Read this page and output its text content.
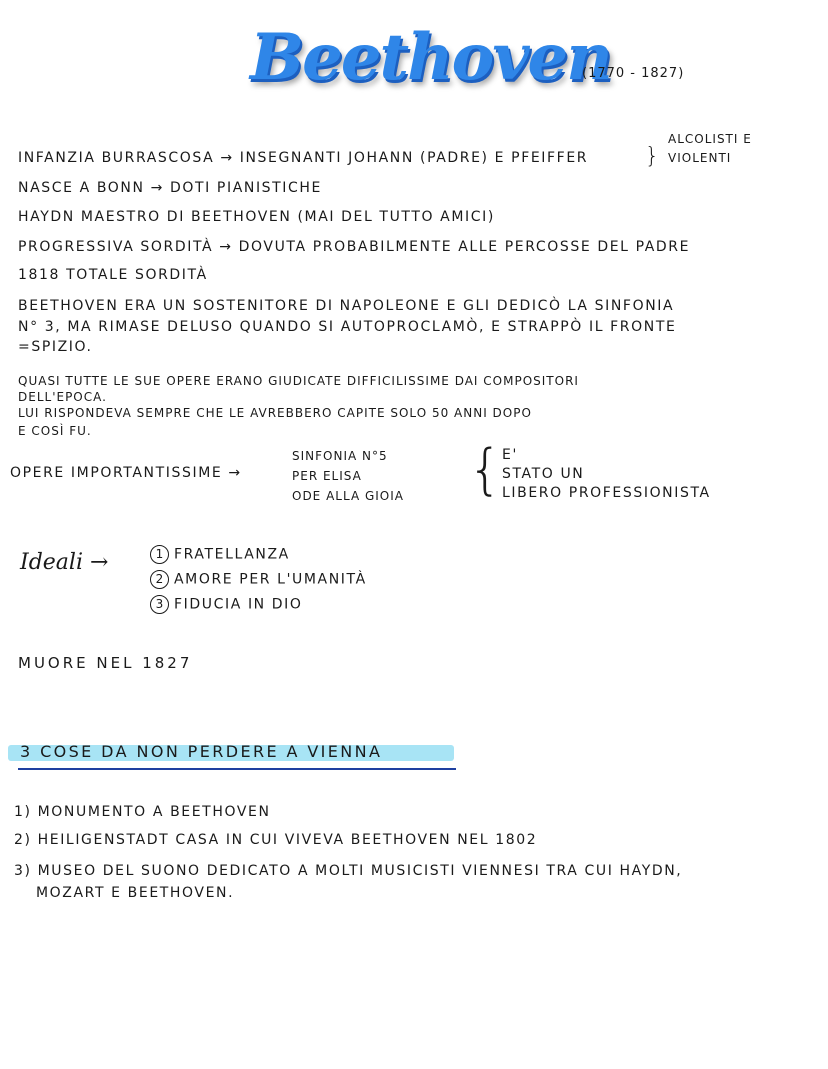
Beethoven
(1770 - 1827)
INFANZIA BURRASCOSA → INSEGNANTI JOHANN (PADRE) E PFEIFFER	}
ALCOLISTI E
VIOLENTI
NASCE A BONN → DOTI PIANISTICHE
HAYDN MAESTRO DI BEETHOVEN (MAI DEL TUTTO AMICI)
PROGRESSIVA SORDITÀ → DOVUTA PROBABILMENTE ALLE PERCOSSE DEL PADRE
1818 TOTALE SORDITÀ
BEETHOVEN ERA UN SOSTENITORE DI NAPOLEONE E GLI DEDICÒ LA SINFONIA
N° 3, MA RIMASE DELUSO QUANDO SI AUTOPROCLAMÒ, E STRAPPÒ IL FRONTE
=SPIZIO.
QUASI TUTTE LE SUE OPERE ERANO GIUDICATE DIFFICILISSIME DAI COMPOSITORI
DELL'EPOCA.
LUI RISPONDEVA SEMPRE CHE LE AVREBBERO CAPITE SOLO 50 ANNI DOPO
E COSÌ FU.
OPERE IMPORTANTISSIME →
SINFONIA N°5
PER ELISA
ODE ALLA GIOIA { E'
STATO UN
LIBERO PROFESSIONISTA
Ideali →	1 FRATELLANZA
2 AMORE PER L'UMANITÀ
3 FIDUCIA IN DIO
MUORE NEL 1827
3 COSE DA NON PERDERE A VIENNA
1) MONUMENTO A BEETHOVEN
2) HEILIGENSTADT CASA IN CUI VIVEVA BEETHOVEN NEL 1802
3) MUSEO DEL SUONO DEDICATO A MOLTI MUSICISTI VIENNESI TRA CUI HAYDN,
MOZART E BEETHOVEN.
